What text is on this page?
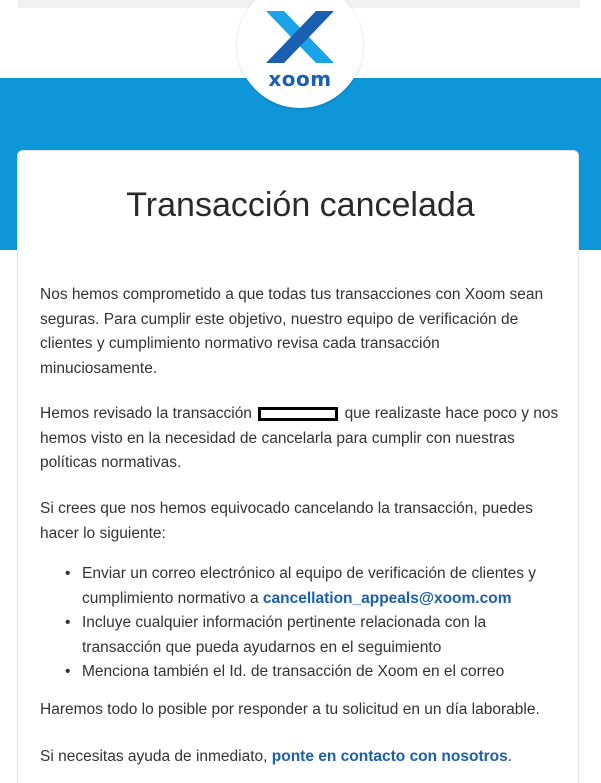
xoom
Transacción cancelada

Nos hemos comprometido a que todas tus transacciones con Xoom sean seguras. Para cumplir este objetivo, nuestro equipo de verificación de clientes y cumplimiento normativo revisa cada transacción minuciosamente.

Hemos revisado la transacción	que realizaste hace poco y nos hemos visto en la necesidad de cancelarla para cumplir con nuestras políticas normativas.

Si crees que nos hemos equivocado cancelando la transacción, puedes hacer lo siguiente:

• Enviar un correo electrónico al equipo de verificación de clientes y cumplimiento normativo a cancellation_appeals@xoom.com
• Incluye cualquier información pertinente relacionada con la transacción que pueda ayudarnos en el seguimiento
• Menciona también el Id. de transacción de Xoom en el correo

Haremos todo lo posible por responder a tu solicitud en un día laborable.

Si necesitas ayuda de inmediato, ponte en contacto con nosotros.
